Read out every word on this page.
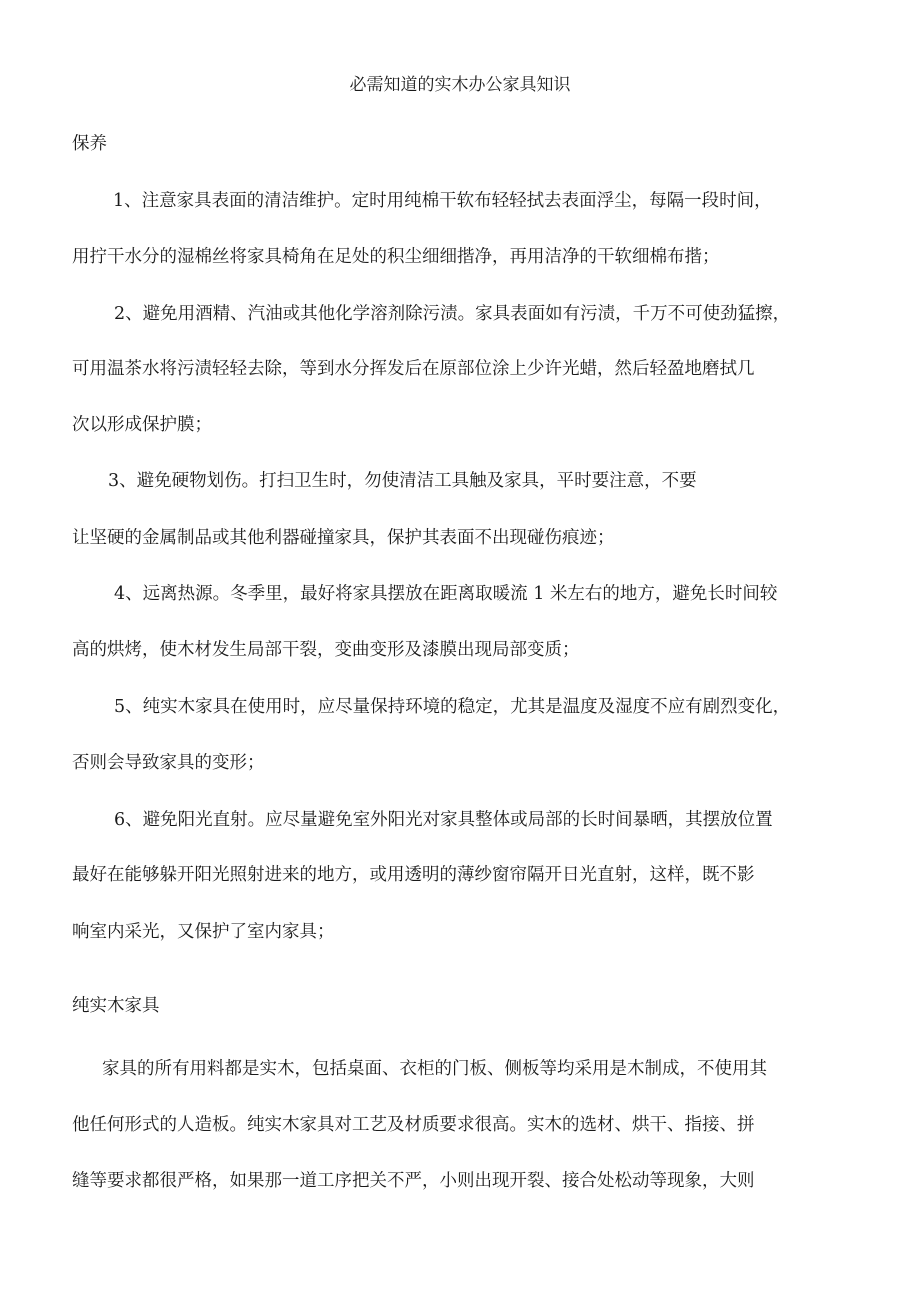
必需知道的实木办公家具知识
保养
1、注意家具表面的清洁维护。定时用纯棉干软布轻轻拭去表面浮尘，每隔一段时间，
用拧干水分的湿棉丝将家具椅角在足处的积尘细细揩净，再用洁净的干软细棉布揩；
2、避免用酒精、汽油或其他化学溶剂除污渍。家具表面如有污渍，千万不可使劲猛擦，
可用温茶水将污渍轻轻去除，等到水分挥发后在原部位涂上少许光蜡，然后轻盈地磨拭几
次以形成保护膜；
3、避免硬物划伤。打扫卫生时，勿使清洁工具触及家具，平时要注意，不要
让坚硬的金属制品或其他利器碰撞家具，保护其表面不出现碰伤痕迹；
4、远离热源。冬季里，最好将家具摆放在距离取暖流 1 米左右的地方，避免长时间较
高的烘烤，使木材发生局部干裂，变曲变形及漆膜出现局部变质；
5、纯实木家具在使用时，应尽量保持环境的稳定，尤其是温度及湿度不应有剧烈变化，
否则会导致家具的变形；
6、避免阳光直射。应尽量避免室外阳光对家具整体或局部的长时间暴晒，其摆放位置
最好在能够躲开阳光照射进来的地方，或用透明的薄纱窗帘隔开日光直射，这样，既不影
响室内采光，又保护了室内家具；
纯实木家具
家具的所有用料都是实木，包括桌面、衣柜的门板、侧板等均采用是木制成，不使用其
他任何形式的人造板。纯实木家具对工艺及材质要求很高。实木的选材、烘干、指接、拼
缝等要求都很严格，如果那一道工序把关不严，小则出现开裂、接合处松动等现象，大则
